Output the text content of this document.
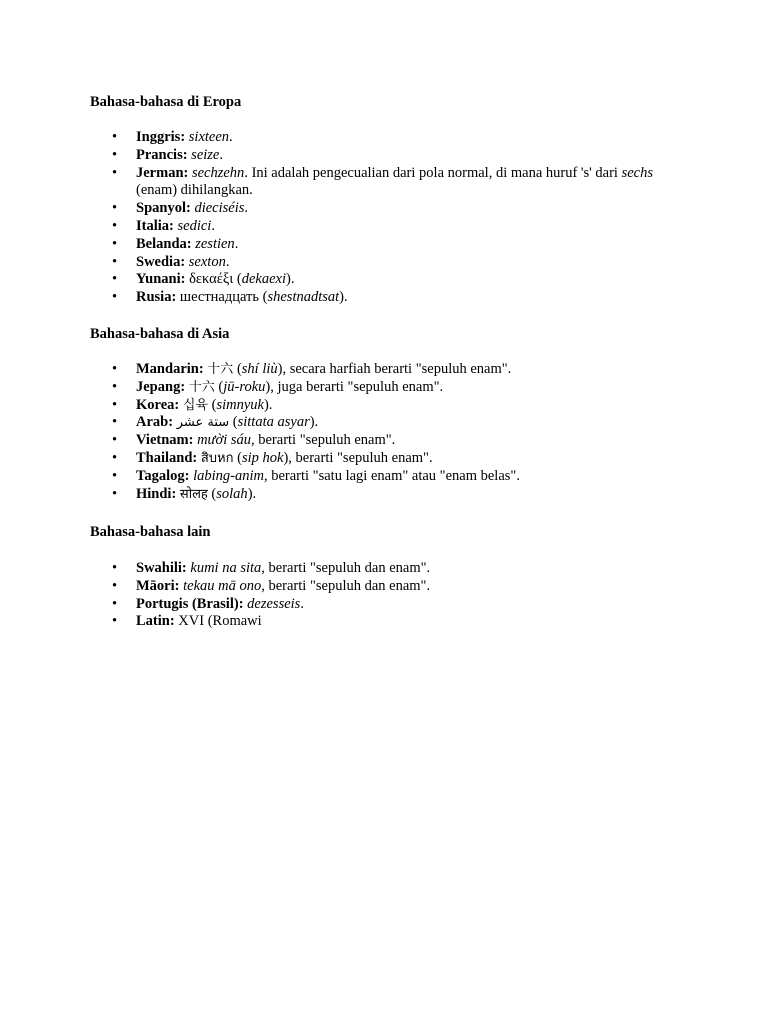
Bahasa-bahasa di Eropa
• Inggris: sixteen.
• Prancis: seize.
• Jerman: sechzehn. Ini adalah pengecualian dari pola normal, di mana huruf 's' dari sechs (enam) dihilangkan.
• Spanyol: dieciséis.
• Italia: sedici.
• Belanda: zestien.
• Swedia: sexton.
• Yunani: δεκαέξι (dekaexi).
• Rusia: шестнадцать (shestnadtsat).
Bahasa-bahasa di Asia
• Mandarin: 十六 (shí liù), secara harfiah berarti "sepuluh enam".
• Jepang: 十六 (jū-roku), juga berarti "sepuluh enam".
• Korea: 십육 (simnyuk).
• Arab: ستة عشر (sittata asyar).
• Vietnam: mười sáu, berarti "sepuluh enam".
• Thailand: สิบหก (sip hok), berarti "sepuluh enam".
• Tagalog: labing-anim, berarti "satu lagi enam" atau "enam belas".
• Hindi: सोलह (solah).
Bahasa-bahasa lain
• Swahili: kumi na sita, berarti "sepuluh dan enam".
• Māori: tekau mā ono, berarti "sepuluh dan enam".
• Portugis (Brasil): dezesseis.
• Latin: XVI (Romawi
